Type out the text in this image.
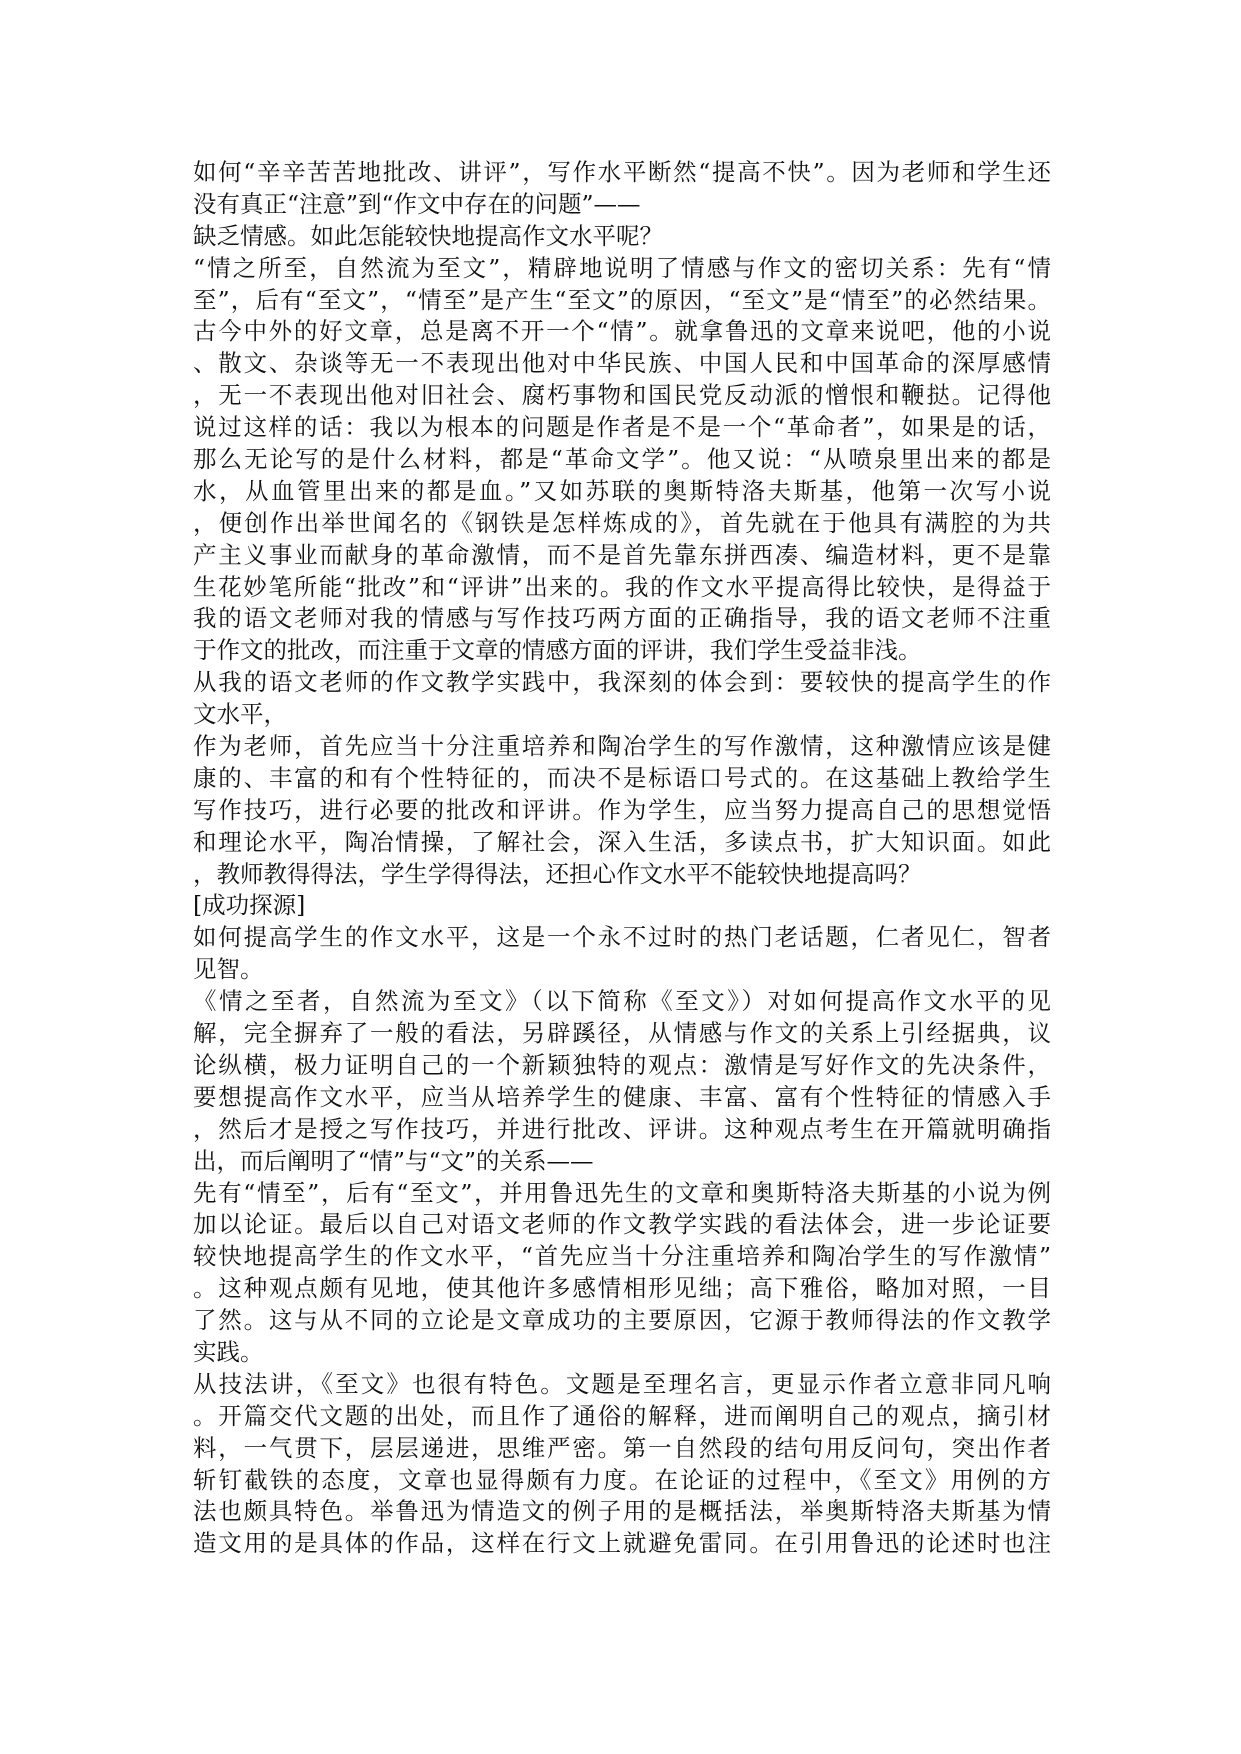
如何“辛辛苦苦地批改、讲评”，写作水平断然“提高不快”。因为老师和学生还
没有真正“注意”到“作文中存在的问题”——
缺乏情感。如此怎能较快地提高作文水平呢？
“情之所至，自然流为至文”，精辟地说明了情感与作文的密切关系：先有“情
至”，后有“至文”，“情至”是产生“至文”的原因，“至文”是“情至”的必然结果。
古今中外的好文章，总是离不开一个“情”。就拿鲁迅的文章来说吧，他的小说
、散文、杂谈等无一不表现出他对中华民族、中国人民和中国革命的深厚感情
，无一不表现出他对旧社会、腐朽事物和国民党反动派的憎恨和鞭挞。记得他
说过这样的话：我以为根本的问题是作者是不是一个“革命者”，如果是的话，
那么无论写的是什么材料，都是“革命文学”。他又说：“从喷泉里出来的都是
水，从血管里出来的都是血。”又如苏联的奥斯特洛夫斯基，他第一次写小说
，便创作出举世闻名的《钢铁是怎样炼成的》，首先就在于他具有满腔的为共
产主义事业而献身的革命激情，而不是首先靠东拼西凑、编造材料，更不是靠
生花妙笔所能“批改”和“评讲”出来的。我的作文水平提高得比较快，是得益于
我的语文老师对我的情感与写作技巧两方面的正确指导，我的语文老师不注重
于作文的批改，而注重于文章的情感方面的评讲，我们学生受益非浅。
从我的语文老师的作文教学实践中，我深刻的体会到：要较快的提高学生的作
文水平，
作为老师，首先应当十分注重培养和陶冶学生的写作激情，这种激情应该是健
康的、丰富的和有个性特征的，而决不是标语口号式的。在这基础上教给学生
写作技巧，进行必要的批改和评讲。作为学生，应当努力提高自己的思想觉悟
和理论水平，陶冶情操，了解社会，深入生活，多读点书，扩大知识面。如此
，教师教得得法，学生学得得法，还担心作文水平不能较快地提高吗？
[成功探源]
如何提高学生的作文水平，这是一个永不过时的热门老话题，仁者见仁，智者
见智。
《情之至者，自然流为至文》（以下简称《至文》）对如何提高作文水平的见
解，完全摒弃了一般的看法，另辟蹊径，从情感与作文的关系上引经据典，议
论纵横，极力证明自己的一个新颖独特的观点：激情是写好作文的先决条件，
要想提高作文水平，应当从培养学生的健康、丰富、富有个性特征的情感入手
，然后才是授之写作技巧，并进行批改、评讲。这种观点考生在开篇就明确指
出，而后阐明了“情”与“文”的关系——
先有“情至”，后有“至文”，并用鲁迅先生的文章和奥斯特洛夫斯基的小说为例
加以论证。最后以自己对语文老师的作文教学实践的看法体会，进一步论证要
较快地提高学生的作文水平，“首先应当十分注重培养和陶冶学生的写作激情”
。这种观点颇有见地，使其他许多感情相形见绌；高下雅俗，略加对照，一目
了然。这与从不同的立论是文章成功的主要原因，它源于教师得法的作文教学
实践。
从技法讲，《至文》也很有特色。文题是至理名言，更显示作者立意非同凡响
。开篇交代文题的出处，而且作了通俗的解释，进而阐明自己的观点，摘引材
料，一气贯下，层层递进，思维严密。第一自然段的结句用反问句，突出作者
斩钉截铁的态度，文章也显得颇有力度。在论证的过程中，《至文》用例的方
法也颇具特色。举鲁迅为情造文的例子用的是概括法，举奥斯特洛夫斯基为情
造文用的是具体的作品，这样在行文上就避免雷同。在引用鲁迅的论述时也注
